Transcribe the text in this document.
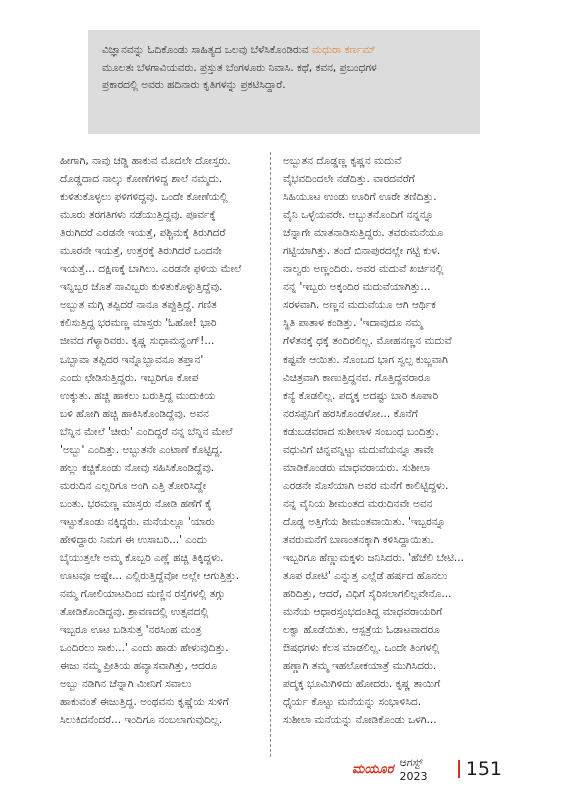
ವಿಜ್ಞಾನವನ್ನು ಓದಿಕೊಂಡು ಸಾಹಿತ್ಯದ ಒಲವು ಬೆಳೆಸಿಕೊಂಡಿರುವ ಮಧುರಾ ಕರ್ಣಮ್

ಮೂಲತಃ ಬೆಳಗಾವಿಯವರು. ಪ್ರಸ್ತುತ ಬೆಂಗಳೂರು ನಿವಾಸಿ. ಕಥೆ, ಕವನ, ಪ್ರಬಂಧಗಳ

ಪ್ರಕಾರದಲ್ಲಿ ಅವರು ಹದಿನಾರು ಕೃತಿಗಳನ್ನು ಪ್ರಕಟಿಸಿದ್ದಾರೆ.

ಹೀಗಾಗಿ, ನಾವು ಚಡ್ಡಿ ಹಾಕುವ ಮೊದಲೇ ದೋಸ್ತರು.
ದೊಡ್ಡದಾದ ನಾಲ್ಕು ಕೋಣೆಗಳಿದ್ದ ಶಾಲೆ ನಮ್ಮದು.
ಕುಳಿತುಕೊಳ್ಳಲು ಫಳಿಗಳಿದ್ದವು. ಒಂದೇ ಕೋಣೆಯಲ್ಲಿ
ಮೂರು ತರಗತಿಗಳು ನಡೆಯುತ್ತಿದ್ದವು. ಪೂರ್ವಕ್ಕೆ
ತಿರುಗಿದರೆ ಎರಡನೇ ಇಯತ್ತೆ, ಪಶ್ಚಿಮಕ್ಕೆ ತಿರುಗಿದರೆ
ಮೂರನೇ ಇಯತ್ತೆ, ಉತ್ತರಕ್ಕೆ ತಿರುಗಿದರೆ ಒಂದನೇ
ಇಯತ್ತೆ... ದಕ್ಷಿಣಕ್ಕೆ ಬಾಗಿಲು. ಎರಡನೇ ಫಳಿಯ ಮೇಲೆ
ಇನ್ನಿಬ್ಬರ ಜೊತೆ ನಾವಿಬ್ಬರು ಕುಳಿತುಕೊಳ್ಳುತ್ತಿದ್ದೆವು.
ಅಬ್ಬುತ ಮಗ್ಗಿ ತಪ್ಪಿದರೆ ನಾನೂ ತಪ್ಪುತ್ತಿದ್ದೆ. ಗಣಿತ
ಕಲಿಸುತ್ತಿದ್ದ ಭರಮಣ್ಣ ಮಾಸ್ತರು 'ಓಹೋ! ಭಾರಿ
ಜೀವದ ಗೆಳ್ಯಾರಿವರು. ಕೃಷ್ಣ ಸುಧಾಮನ್ಹಂಗ್!...
ಒಬ್ಬಾವಾ ತಪ್ಪಿದರ ಇನ್ನೊಬ್ಬಾವನೂ ತಪ್ತಾನ'
ಎಂದು ಛೇಡಿಸುತ್ತಿದ್ದರು. ಇಬ್ಬರಿಗೂ ಕೋಪ
ಉಕ್ಕುತು. ಹಚ್ಚಿ ಹಾಕಲು ಬರುತ್ತಿದ್ದ ಮುದುಕಿಯ
ಬಳಿ ಹೋಗಿ ಹಚ್ಚಿ ಹಾಕಿಸಿಕೊಂಡಿದ್ದೆವು. ಅವನ
ಬೆನ್ನಿನ ಮೇಲೆ 'ಚೀರು' ಎಂದಿದ್ದರೆ ನನ್ನ ಬೆನ್ನಿನ ಮೇಲೆ
'ಅಬ್ಬು' ಎಂದಿತ್ತು. ಅಬ್ಬುತನೇ ಎಂಟಾಣೆ ಕೊಟ್ಟಿದ್ದ.
ಹಲ್ಲು ಕಚ್ಚಿಕೊಂಡು ನೋವು ಸಹಿಸಿಕೊಂಡಿದ್ದೆವು.
ಮರುದಿನ ಎಲ್ಲರಿಗೂ ಅಂಗಿ ಎತ್ತಿ ತೋರಿಸಿದ್ದೇ
ಬಂತು. ಭರಮಣ್ಣ ಮಾಸ್ತರು ನೋಡಿ ಹಣೆಗೆ ಕೈ
ಇಟ್ಟುಕೊಂಡು ನಕ್ಕಿದ್ದರು. ಮನೆಯಲ್ಲೂ 'ಯಾರು
ಹೇಳಿದ್ದಾರು ನಿಮಗ ಈ ಉಸಾಬರಿ...' ಎಂದು
ಬೈಯುತ್ತಲೇ ಅಮ್ಮ ಕೊಬ್ಬರಿ ಎಣ್ಣೆ ಹಚ್ಚಿ ತಿಕ್ಕಿದ್ದಳು.
ಊಟವೂ ಅಷ್ಟೇ... ಎಲ್ಲಿರುತ್ತಿದ್ದೆವೋ ಅಲ್ಲೇ ಆಗುತ್ತಿತ್ತು.
ನಮ್ಮ ಗೋಲಿಯಾಟದಿಂದ ಮಣ್ಣಿನ ರಸ್ತೆಗಳಲ್ಲಿ ತಗ್ಗು
ತೋಡಿಕೊಂಡಿದ್ದವು. ಶ್ರಾವಣದಲ್ಲಿ ಉತ್ಸವದಲ್ಲಿ
ಇಬ್ಬರೂ ಊಟ ಬಡಿಸುತ್ತ 'ನರಸಿಂಹ ಮಂತ್ರ
ಒಂದಿರಲು ಸಾಕು...' ಎಂದು ಹಾಡು ಹೇಳುವುದಿತ್ತು.
ಈಜು ನಮ್ಮ ಪ್ರೀತಿಯ ಹವ್ಯಾಸವಾಗಿತ್ತು, ಆದರೂ
ಅಬ್ಬು ನಡಿಗಿನ ಚೆನ್ನಾಗಿ ಮೀನಿಗೆ ಸವಾಲು
ಹಾಕುವಂತೆ ಈಜುತ್ತಿದ್ದ. ಅಂಥವನು ಕೃಷ್ಣೆಯ ಸುಳಿಗೆ
ಸಿಲುಕಿದನೆಂದರೆ... ಇಂದಿಗೂ ನಂಬಲಾಗುವುದಿಲ್ಲ.
ಅಬ್ಬುತನ ದೊಡ್ಡಣ್ಣ ಕೃಷ್ಣನ ಮದುವೆ
ವೈಭವದಿಂದಲೇ ನಡೆದಿತ್ತು. ವಾರದವರೆಗೆ
ಸಿಹಿಯೂಟ ಉಂಡು ಊರಿಗೆ ಊರೇ ತಣಿದಿತ್ತು.
ವೈನಿ ಒಳ್ಳೆಯವರೇ. ಅಬ್ಬುತನೊಂದಿಗೆ ನನ್ನನ್ನೂ
ಚೆನ್ನಾಗೇ ಮಾತನಾಡಿಸುತ್ತಿದ್ದರು. ತವರುಮನೆಯೂ
ಗಟ್ಟಿಯಾಗಿತ್ತು. ತಂದೆ ಬಿನಾಪುರದಲ್ಲೇ ಗಟ್ಟಿ ಕುಳ.
ನಾಲ್ವರು ಅಣ್ಣಂದಿರು. ಅವರ ಮದುವೆ ಖರ್ಚಿನಲ್ಲಿ
ನನ್ನ 'ಇಬ್ಬರು ಅಕ್ಕಂದಿರ ಮದುವೆಯಾಗಿತ್ತು...
ಸರಳವಾಗಿ. ಅಣ್ಣನ ಮದುವೆಯೂ ಆಗಿ ಆರ್ಥಿಕ
ಸ್ಥಿತಿ ಪಾತಾಳ ಕಂಡಿತ್ತು. 'ಇದಾವುದೂ ನಮ್ಮ
ಗೆಳೆತನಕ್ಕೆ ಧಕ್ಕೆ ತಂದಿರಲಿಲ್ಲ. ಮೋಹನಣ್ಣನ ಮದುವೆ
ಕಷ್ಟವೇ ಆಯಿತು. ಸೊಂಬದ ಭಾಗ ಸ್ವಲ್ಪ ಕುಬ್ಜವಾಗಿ
ವಿಚಿತ್ರವಾಗಿ ಕಾಣುತ್ತಿದ್ದನವ. ಗೊತ್ತಿದ್ದವರಾರೂ
ಕನ್ಯೆ ಕೊಡಲಿಲ್ಲ. ಪದ್ಮಕ್ಕ ಅದಷ್ಟು ಬಾರಿ ಕೂಪಾರಿ
ನರಸಪ್ಪನಿಗೆ ಹರಸಿಕೊಂಡಳೋ... ಕೊನೆಗೆ
ಕಡುಬಡವರಾದ ಸುಶೀಲಾಳ ಸಂಬಂಧ ಬಂದಿತ್ತು.
ವಧುವಿಗೆ ಚಿನ್ನವನ್ನಿಟ್ಟು ಮದುವೆಯನ್ನೂ ತಾವೇ
ಮಾಡಿಕೊಂಡರು ಮಾಧವರಾಯರು. ಸುಶೀಲಾ
ಎರಡನೇ ಸೊಸೆಯಾಗಿ ಅವರ ಮನೆಗೆ ಕಾಲಿಟ್ಟಿದ್ದಳು.
ನನ್ನ ವೈನಿಯ ಶೀಮಂತದ ಮರುದಿನವೇ ಅವನ
ದೊಡ್ಡ ಅತ್ತಿಗೆಯ ಶೀಮಂತವಾಯಿತು. 'ಇಬ್ಬರನ್ನೂ
ತವರುಮನೆಗೆ ಬಾಣಂತನಕ್ಕಾಗಿ ಕಳಿಸಿದ್ದಾಯಿತು.
ಇಬ್ಬರಿಗೂ ಹೆಣ್ಣುಮಕ್ಕಳು ಜನಿಸಿದರು. 'ಹೆಚೆಲಿ ಬೇಟಿ...
ತೂಪ ರೋಟಿ' ಎನ್ನುತ್ತ ಎಲ್ಲೆಡೆ ಹರ್ಷದ ಹೊನಲು
ಹರಿದಿತ್ತು, ಆದರೆ, ವಿಧಿಗೆ ಸೈರಿಸಲಾಗಲಿಲ್ಲವೇನೊ...
ಮನೆಯ ಆಧಾರಸ್ತಂಭದಂತಿದ್ದ ಮಾಧವರಾಯರಿಗೆ
ಲಕ್ವಾ ಹೊಡೆಯಿತು. ಆಸ್ಪತ್ರೆಯ ಓಡಾಟವಾದರೂ
ಔಷಧಗಳು ಕೆಲಸ ಮಾಡಲಿಲ್ಲ. ಒಂದೇ ತಿಂಗಳಲ್ಲಿ
ಹಣ್ಣಾಗಿ ತಮ್ಮ ಇಹಲೋಕಯಾತ್ರೆ ಮುಗಿಸಿದರು.
ಪದ್ಮಕ್ಕ ಭೂಮಿಗಿಳಿದು ಹೋದರು. ಕೃಷ್ಣ ತಾಯಿಗೆ
ಧೈರ್ಯ ಕೊಟ್ಟು ಮನೆಯನ್ನು ಸಂಭಾಳಿಸಿದ.
ಸುಶೀಲಾ ಮನೆಯನ್ನು ನೋಡಿಕೊಂಡು ಒಳಗಿ...
ಮಯೂರ ಆಗಸ್ಟ್ 2023	151
